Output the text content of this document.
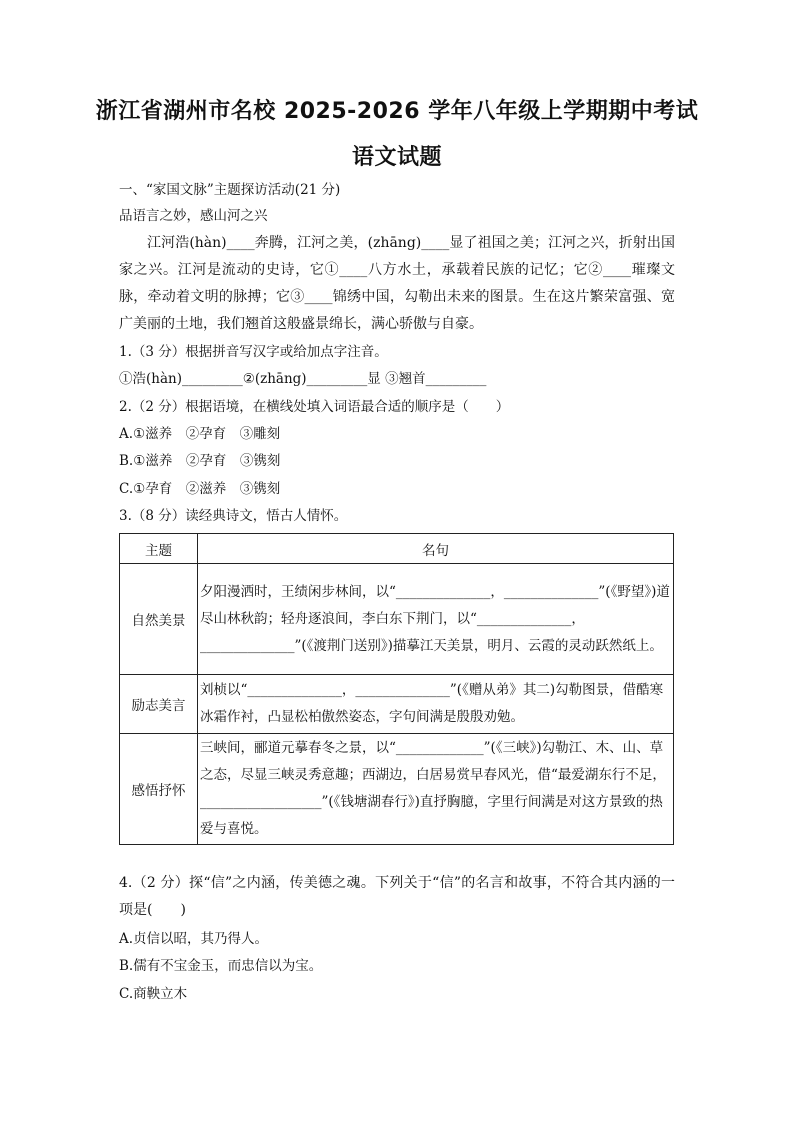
浙江省湖州市名校 2025-2026 学年八年级上学期期中考试
语文试题
一、“家国文脉”主题探访活动(21 分)
品语言之妙，感山河之兴
江河浩(hàn)____奔腾，江河之美，(zhāng)____显了祖国之美；江河之兴，折射出国家之兴。江河是流动的史诗，它①____八方水土，承载着民族的记忆；它②____璀璨文脉，牵动着文明的脉搏；它③____锦绣中国，勾勒出未来的图景。生在这片繁荣富强、宽广美丽的土地，我们翘首这般盛景绵长，满心骄傲与自豪。
1.（3 分）根据拼音写汉字或给加点字注音。
①浩(hàn)_________②(zhāng)_________显 ③翘首_________
2.（2 分）根据语境，在横线处填入词语最合适的顺序是（　　）
A.①滋养　②孕育　③雕刻
B.①滋养　②孕育　③镌刻
C.①孕育　②滋养　③镌刻
3.（8 分）读经典诗文，悟古人情怀。
主题	名句
自然美景	夕阳漫洒时，王绩闲步林间，以“______________，______________”(《野望》)道尽山林秋韵；轻舟逐浪间，李白东下荆门，以“______________，______________”(《渡荆门送别》)描摹江天美景，明月、云霞的灵动跃然纸上。
励志美言	刘桢以“______________，______________”(《赠从弟》其二)勾勒图景，借酷寒冰霜作衬，凸显松柏傲然姿态，字句间满是殷殷劝勉。
感悟抒怀	三峡间，郦道元摹春冬之景，以“_____________”(《三峡》)勾勒江、木、山、草之态，尽显三峡灵秀意趣；西湖边，白居易赏早春风光，借“最爱湖东行不足，__________________”(《钱塘湖春行》)直抒胸臆，字里行间满是对这方景致的热爱与喜悦。
4.（2 分）探“信”之内涵，传美德之魂。下列关于“信”的名言和故事，不符合其内涵的一项是(　　)
A.贞信以昭，其乃得人。
B.儒有不宝金玉，而忠信以为宝。
C.商鞅立木
